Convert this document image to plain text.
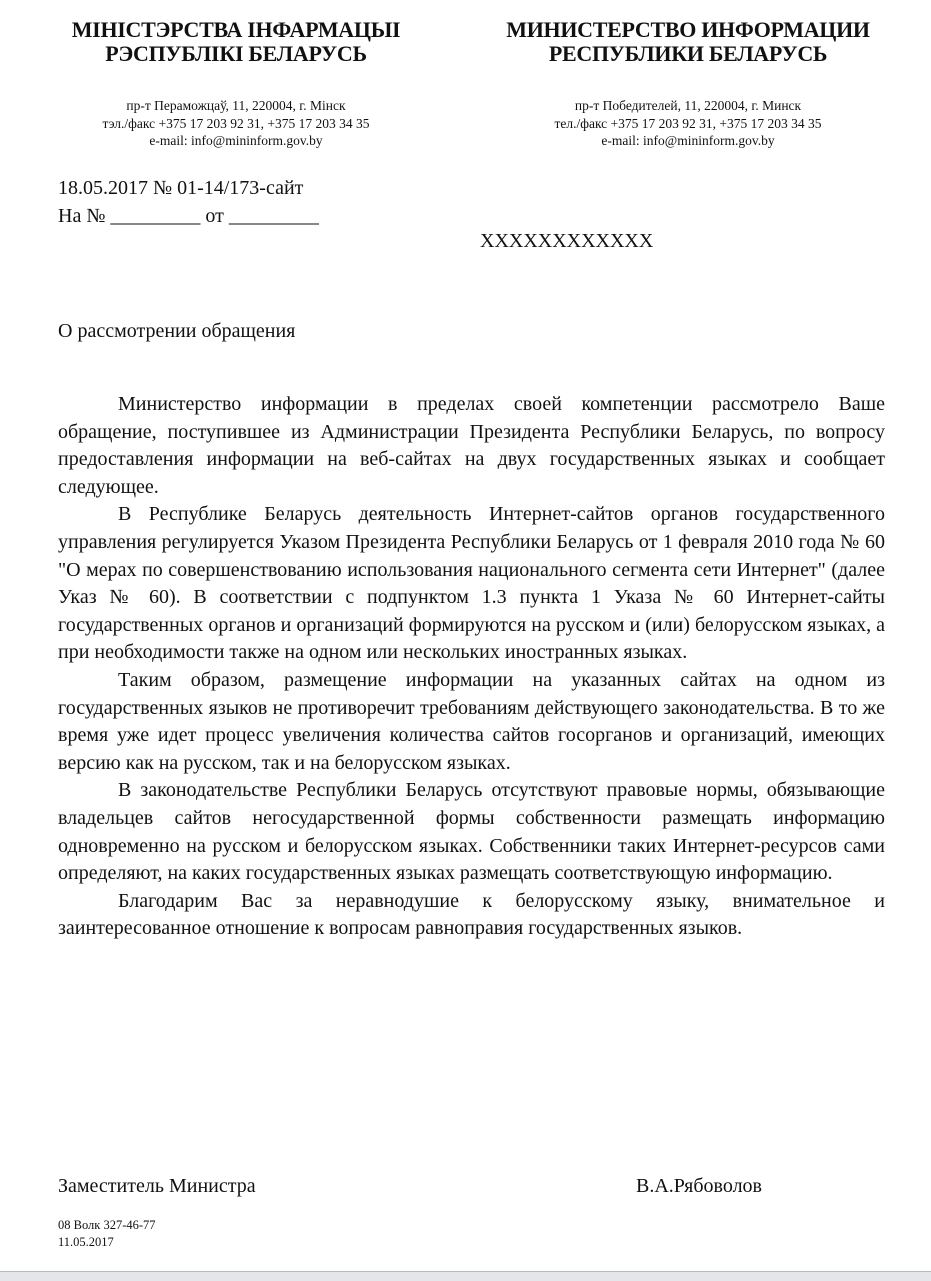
МІНІСТЭРСТВА ІНФАРМАЦЫІ
РЭСПУБЛІКІ БЕЛАРУСЬ
пр-т Пераможцаў, 11, 220004, г. Мінск
тэл./факс +375 17 203 92 31, +375 17 203 34 35
e-mail: info@mininform.gov.by
МИНИСТЕРСТВО ИНФОРМАЦИИ
РЕСПУБЛИКИ БЕЛАРУСЬ
пр-т Победителей, 11, 220004, г. Минск
тел./факс +375 17 203 92 31, +375 17 203 34 35
e-mail: info@mininform.gov.by
18.05.2017 № 01-14/173-сайт
На № _________ от _________
ХХХХХХХХХХХХ
О рассмотрении обращения

Министерство информации в пределах своей компетенции рассмотрело Ваше обращение, поступившее из Администрации Президента Республики Беларусь, по вопросу предоставления информации на веб-сайтах на двух государственных языках и сообщает следующее.

В Республике Беларусь деятельность Интернет-сайтов органов государственного управления регулируется Указом Президента Республики Беларусь от 1 февраля 2010 года № 60 "О мерах по совершенствованию использования национального сегмента сети Интернет" (далее Указ № 60). В соответствии с подпунктом 1.3 пункта 1 Указа № 60 Интернет-сайты государственных органов и организаций формируются на русском и (или) белорусском языках, а при необходимости также на одном или нескольких иностранных языках.

Таким образом, размещение информации на указанных сайтах на одном из государственных языков не противоречит требованиям действующего законодательства. В то же время уже идет процесс увеличения количества сайтов госорганов и организаций, имеющих версию как на русском, так и на белорусском языках.

В законодательстве Республики Беларусь отсутствуют правовые нормы, обязывающие владельцев сайтов негосударственной формы собственности размещать информацию одновременно на русском и белорусском языках. Собственники таких Интернет-ресурсов сами определяют, на каких государственных языках размещать соответствующую информацию.

Благодарим Вас за неравнодушие к белорусскому языку, внимательное и заинтересованное отношение к вопросам равноправия государственных языков.

Заместитель Министра	В.А.Рябоволов
08 Волк 327-46-77
11.05.2017
